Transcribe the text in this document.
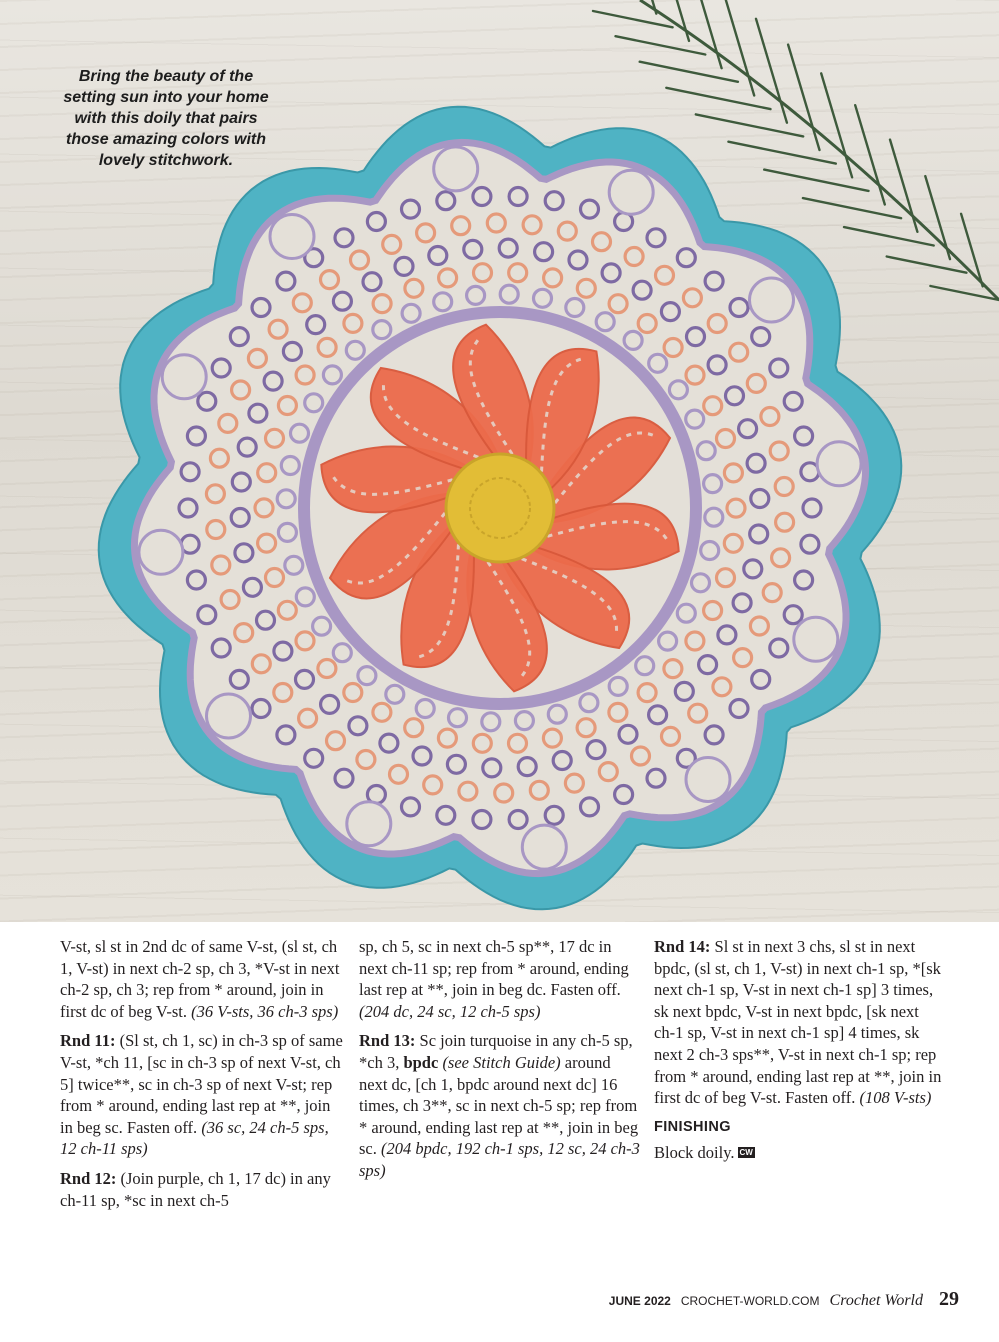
Bring the beauty of the
setting sun into your home
with this doily that pairs
those amazing colors with
lovely stitchwork.

V-st, sl st in 2nd dc of same V-st, (sl st, ch 1, V-st) in next ch-2 sp, ch 3, *V-st in next ch-2 sp, ch 3; rep from * around, join in first dc of beg V-st. (36 V-sts, 36 ch-3 sps)

Rnd 11: (Sl st, ch 1, sc) in ch-3 sp of same V-st, *ch 11, [sc in ch-3 sp of next V-st, ch 5] twice**, sc in ch-3 sp of next V-st; rep from * around, ending last rep at **, join in beg sc. Fasten off. (36 sc, 24 ch-5 sps, 12 ch-11 sps)

Rnd 12: (Join purple, ch 1, 17 dc) in any ch-11 sp, *sc in next ch-5

sp, ch 5, sc in next ch-5 sp**, 17 dc in next ch-11 sp; rep from * around, ending last rep at **, join in beg dc. Fasten off. (204 dc, 24 sc, 12 ch-5 sps)

Rnd 13: Sc join turquoise in any ch-5 sp, *ch 3, bpdc (see Stitch Guide) around next dc, [ch 1, bpdc around next dc] 16 times, ch 3**, sc in next ch-5 sp; rep from * around, ending last rep at **, join in beg sc. (204 bpdc, 192 ch-1 sps, 12 sc, 24 ch-3 sps)

Rnd 14: Sl st in next 3 chs, sl st in next bpdc, (sl st, ch 1, V-st) in next ch-1 sp, *[sk next ch-1 sp, V-st in next ch-1 sp] 3 times, sk next bpdc, V-st in next bpdc, [sk next ch-1 sp, V-st in next ch-1 sp] 4 times, sk next 2 ch-3 sps**, V-st in next ch-1 sp; rep from * around, ending last rep at **, join in first dc of beg V-st. Fasten off. (108 V-sts)

FINISHING

Block doily. CW

JUNE 2022 CROCHET-WORLD.COM Crochet World 29
